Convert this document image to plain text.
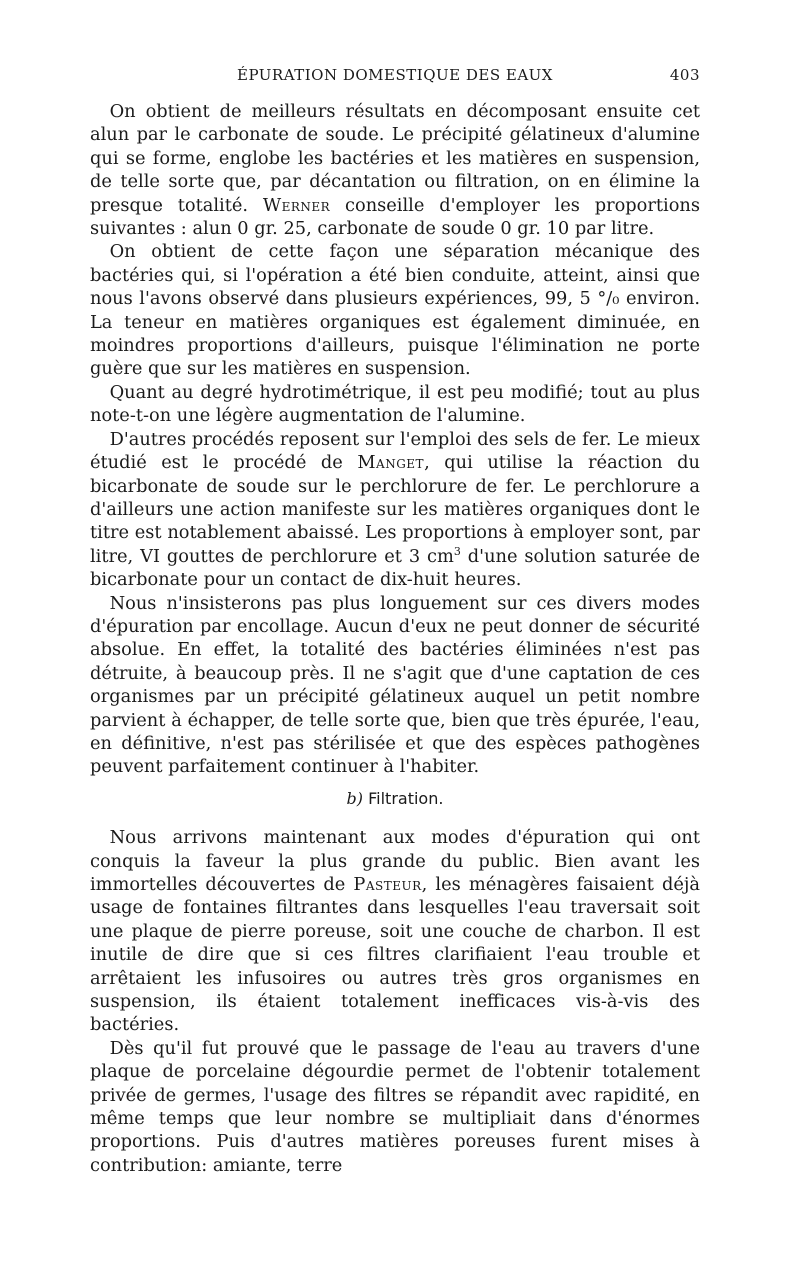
ÉPURATION DOMESTIQUE DES EAUX	403

On obtient de meilleurs résultats en décomposant ensuite cet alun par le carbonate de soude. Le précipité gélatineux d'alumine qui se forme, englobe les bactéries et les matières en suspension, de telle sorte que, par décantation ou filtration, on en élimine la presque totalité. Werner conseille d'employer les proportions suivantes : alun 0 gr. 25, carbonate de soude 0 gr. 10 par litre.

On obtient de cette façon une séparation mécanique des bactéries qui, si l'opération a été bien conduite, atteint, ainsi que nous l'avons observé dans plusieurs expériences, 99, 5 °/₀ environ. La teneur en matières organiques est également diminuée, en moindres proportions d'ailleurs, puisque l'élimination ne porte guère que sur les matières en suspension.

Quant au degré hydrotimétrique, il est peu modifié; tout au plus note-t-on une légère augmentation de l'alumine.

D'autres procédés reposent sur l'emploi des sels de fer. Le mieux étudié est le procédé de Manget, qui utilise la réaction du bicarbonate de soude sur le perchlorure de fer. Le perchlorure a d'ailleurs une action manifeste sur les matières organiques dont le titre est notablement abaissé. Les proportions à employer sont, par litre, VI gouttes de perchlorure et 3 $cm^3$ d'une solution saturée de bicarbonate pour un contact de dix-huit heures.

Nous n'insisterons pas plus longuement sur ces divers modes d'épuration par encollage. Aucun d'eux ne peut donner de sécurité absolue. En effet, la totalité des bactéries éliminées n'est pas détruite, à beaucoup près. Il ne s'agit que d'une captation de ces organismes par un précipité gélatineux auquel un petit nombre parvient à échapper, de telle sorte que, bien que très épurée, l'eau, en définitive, n'est pas stérilisée et que des espèces pathogènes peuvent parfaitement continuer à l'habiter.

b) Filtration.

Nous arrivons maintenant aux modes d'épuration qui ont conquis la faveur la plus grande du public. Bien avant les immortelles découvertes de Pasteur, les ménagères faisaient déjà usage de fontaines filtrantes dans lesquelles l'eau traversait soit une plaque de pierre poreuse, soit une couche de charbon. Il est inutile de dire que si ces filtres clarifiaient l'eau trouble et arrêtaient les infusoires ou autres très gros organismes en suspension, ils étaient totalement inefficaces vis-à-vis des bactéries.

Dès qu'il fut prouvé que le passage de l'eau au travers d'une plaque de porcelaine dégourdie permet de l'obtenir totalement privée de germes, l'usage des filtres se répandit avec rapidité, en même temps que leur nombre se multipliait dans d'énormes proportions. Puis d'autres matières poreuses furent mises à contribution: amiante, terre
